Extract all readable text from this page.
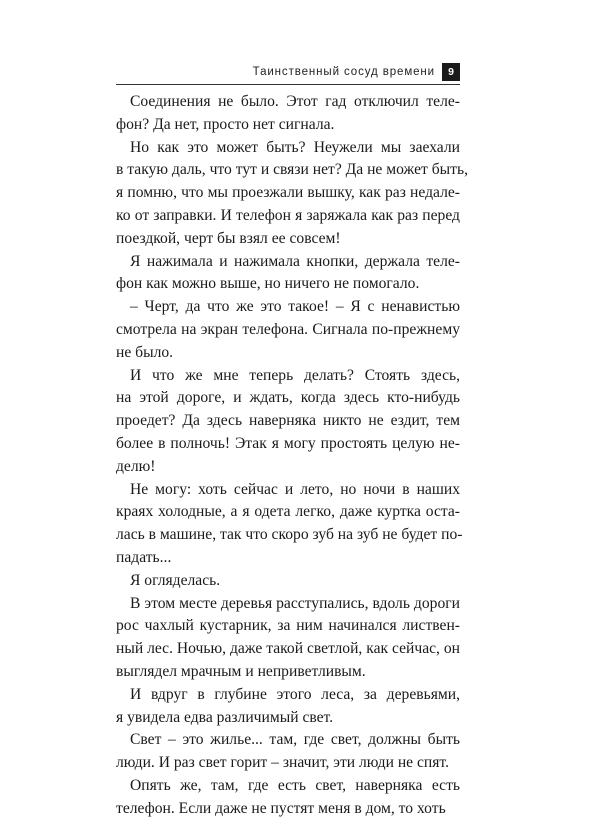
Таинственный сосуд времени	9
Соединения не было. Этот гад отключил теле-
фон? Да нет, просто нет сигнала.
Но как это может быть? Неужели мы заехали
в такую даль, что тут и связи нет? Да не может быть,
я помню, что мы проезжали вышку, как раз недале-
ко от заправки. И телефон я заряжала как раз перед
поездкой, черт бы взял ее совсем!
Я нажимала и нажимала кнопки, держала теле-
фон как можно выше, но ничего не помогало.
– Черт, да что же это такое! – Я с ненавистью
смотрела на экран телефона. Сигнала по-прежнему
не было.
И что же мне теперь делать? Стоять здесь,
на этой дороге, и ждать, когда здесь кто-нибудь
проедет? Да здесь наверняка никто не ездит, тем
более в полночь! Этак я могу простоять целую не-
делю!
Не могу: хоть сейчас и лето, но ночи в наших
краях холодные, а я одета легко, даже куртка оста-
лась в машине, так что скоро зуб на зуб не будет по-
падать...
Я огляделась.
В этом месте деревья расступались, вдоль дороги
рос чахлый кустарник, за ним начинался листвен-
ный лес. Ночью, даже такой светлой, как сейчас, он
выглядел мрачным и неприветливым.
И вдруг в глубине этого леса, за деревьями,
я увидела едва различимый свет.
Свет – это жилье... там, где свет, должны быть
люди. И раз свет горит – значит, эти люди не спят.
Опять же, там, где есть свет, наверняка есть
телефон. Если даже не пустят меня в дом, то хоть
